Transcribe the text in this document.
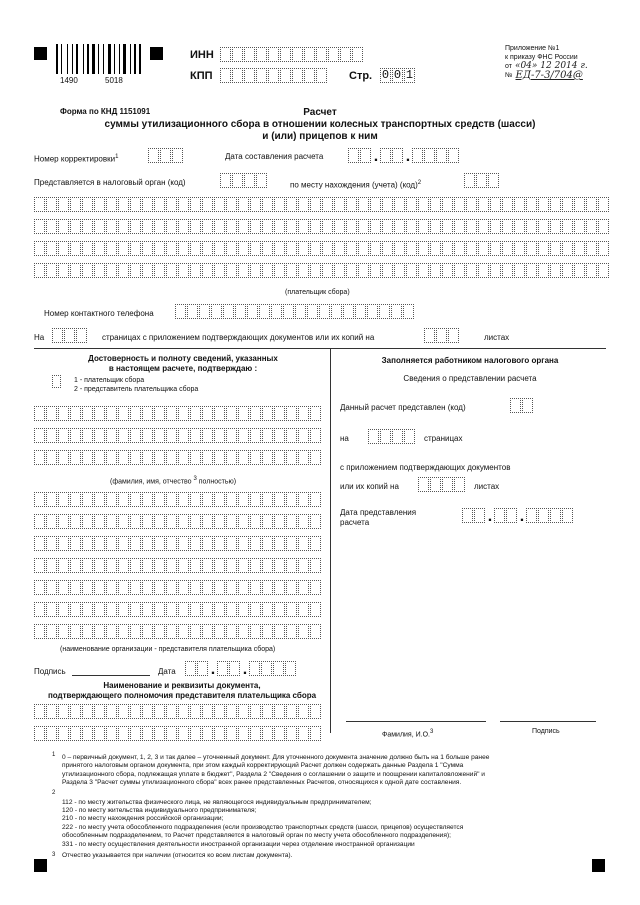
1490	5018
ИНН
КПП	Стр. 0 0 1
Приложение №1
к приказу ФНС России
от «04» 12 2014 г.
№ ЕД-7-3/704@
Форма по КНД 1151091	Расчет
суммы утилизационного сбора в отношении колесных транспортных средств (шасси)
и (или) прицепов к ним
Номер корректировки$^1$	Дата составления расчета	. .
Представляется в налоговый орган (код)	по месту нахождения (учета) (код)$^2$
(плательщик сбора)
Номер контактного телефона
На	страницах с приложением подтверждающих документов или их копий на	листах
Достоверность и полноту сведений, указанных
в настоящем расчете, подтверждаю :
1 - плательщик сбора
2 - представитель плательщика сбора
(фамилия, имя, отчество $^3$ полностью)
(наименование организации - представителя плательщика сбора)
Подпись	Дата . .
Наименование и реквизиты документа,
подтверждающего полномочия представителя плательщика сбора
Заполняется работником налогового органа
Сведения о представлении расчета
Данный расчет представлен (код)
на	страницах
с приложением подтверждающих документов
или их копий на	листах
Дата представления
расчета	. .
Фамилия, И.О.$^3$	Подпись
1	0 – первичный документ, 1, 2, 3 и так далее – уточненный документ. Для уточненного документа значение должно быть на 1 больше ранее
принятого налоговым органом документа, при этом каждый корректирующий Расчет должен содержать данные Раздела 1 "Сумма
утилизационного сбора, подлежащая уплате в бюджет", Раздела 2 "Сведения о соглашении о защите и поощрении капиталовложений" и
Раздела 3 "Расчет суммы утилизационного сбора" всех ранее представленных Расчетов, относящихся к одной дате составления.
2
112 - по месту жительства физического лица, не являющегося индивидуальным предпринимателем;
120 - по месту жительства индивидуального предпринимателя;
210 - по месту нахождения российской организации;
222 - по месту учета обособленного подразделения (если производство транспортных средств (шасси, прицепов) осуществляется
обособленным подразделением, то Расчет представляется в налоговый орган по месту учета обособленного подразделения);
331 - по месту осуществления деятельности иностранной организации через отделение иностранной организации
3	Отчество указывается при наличии (относится ко всем листам документа).
